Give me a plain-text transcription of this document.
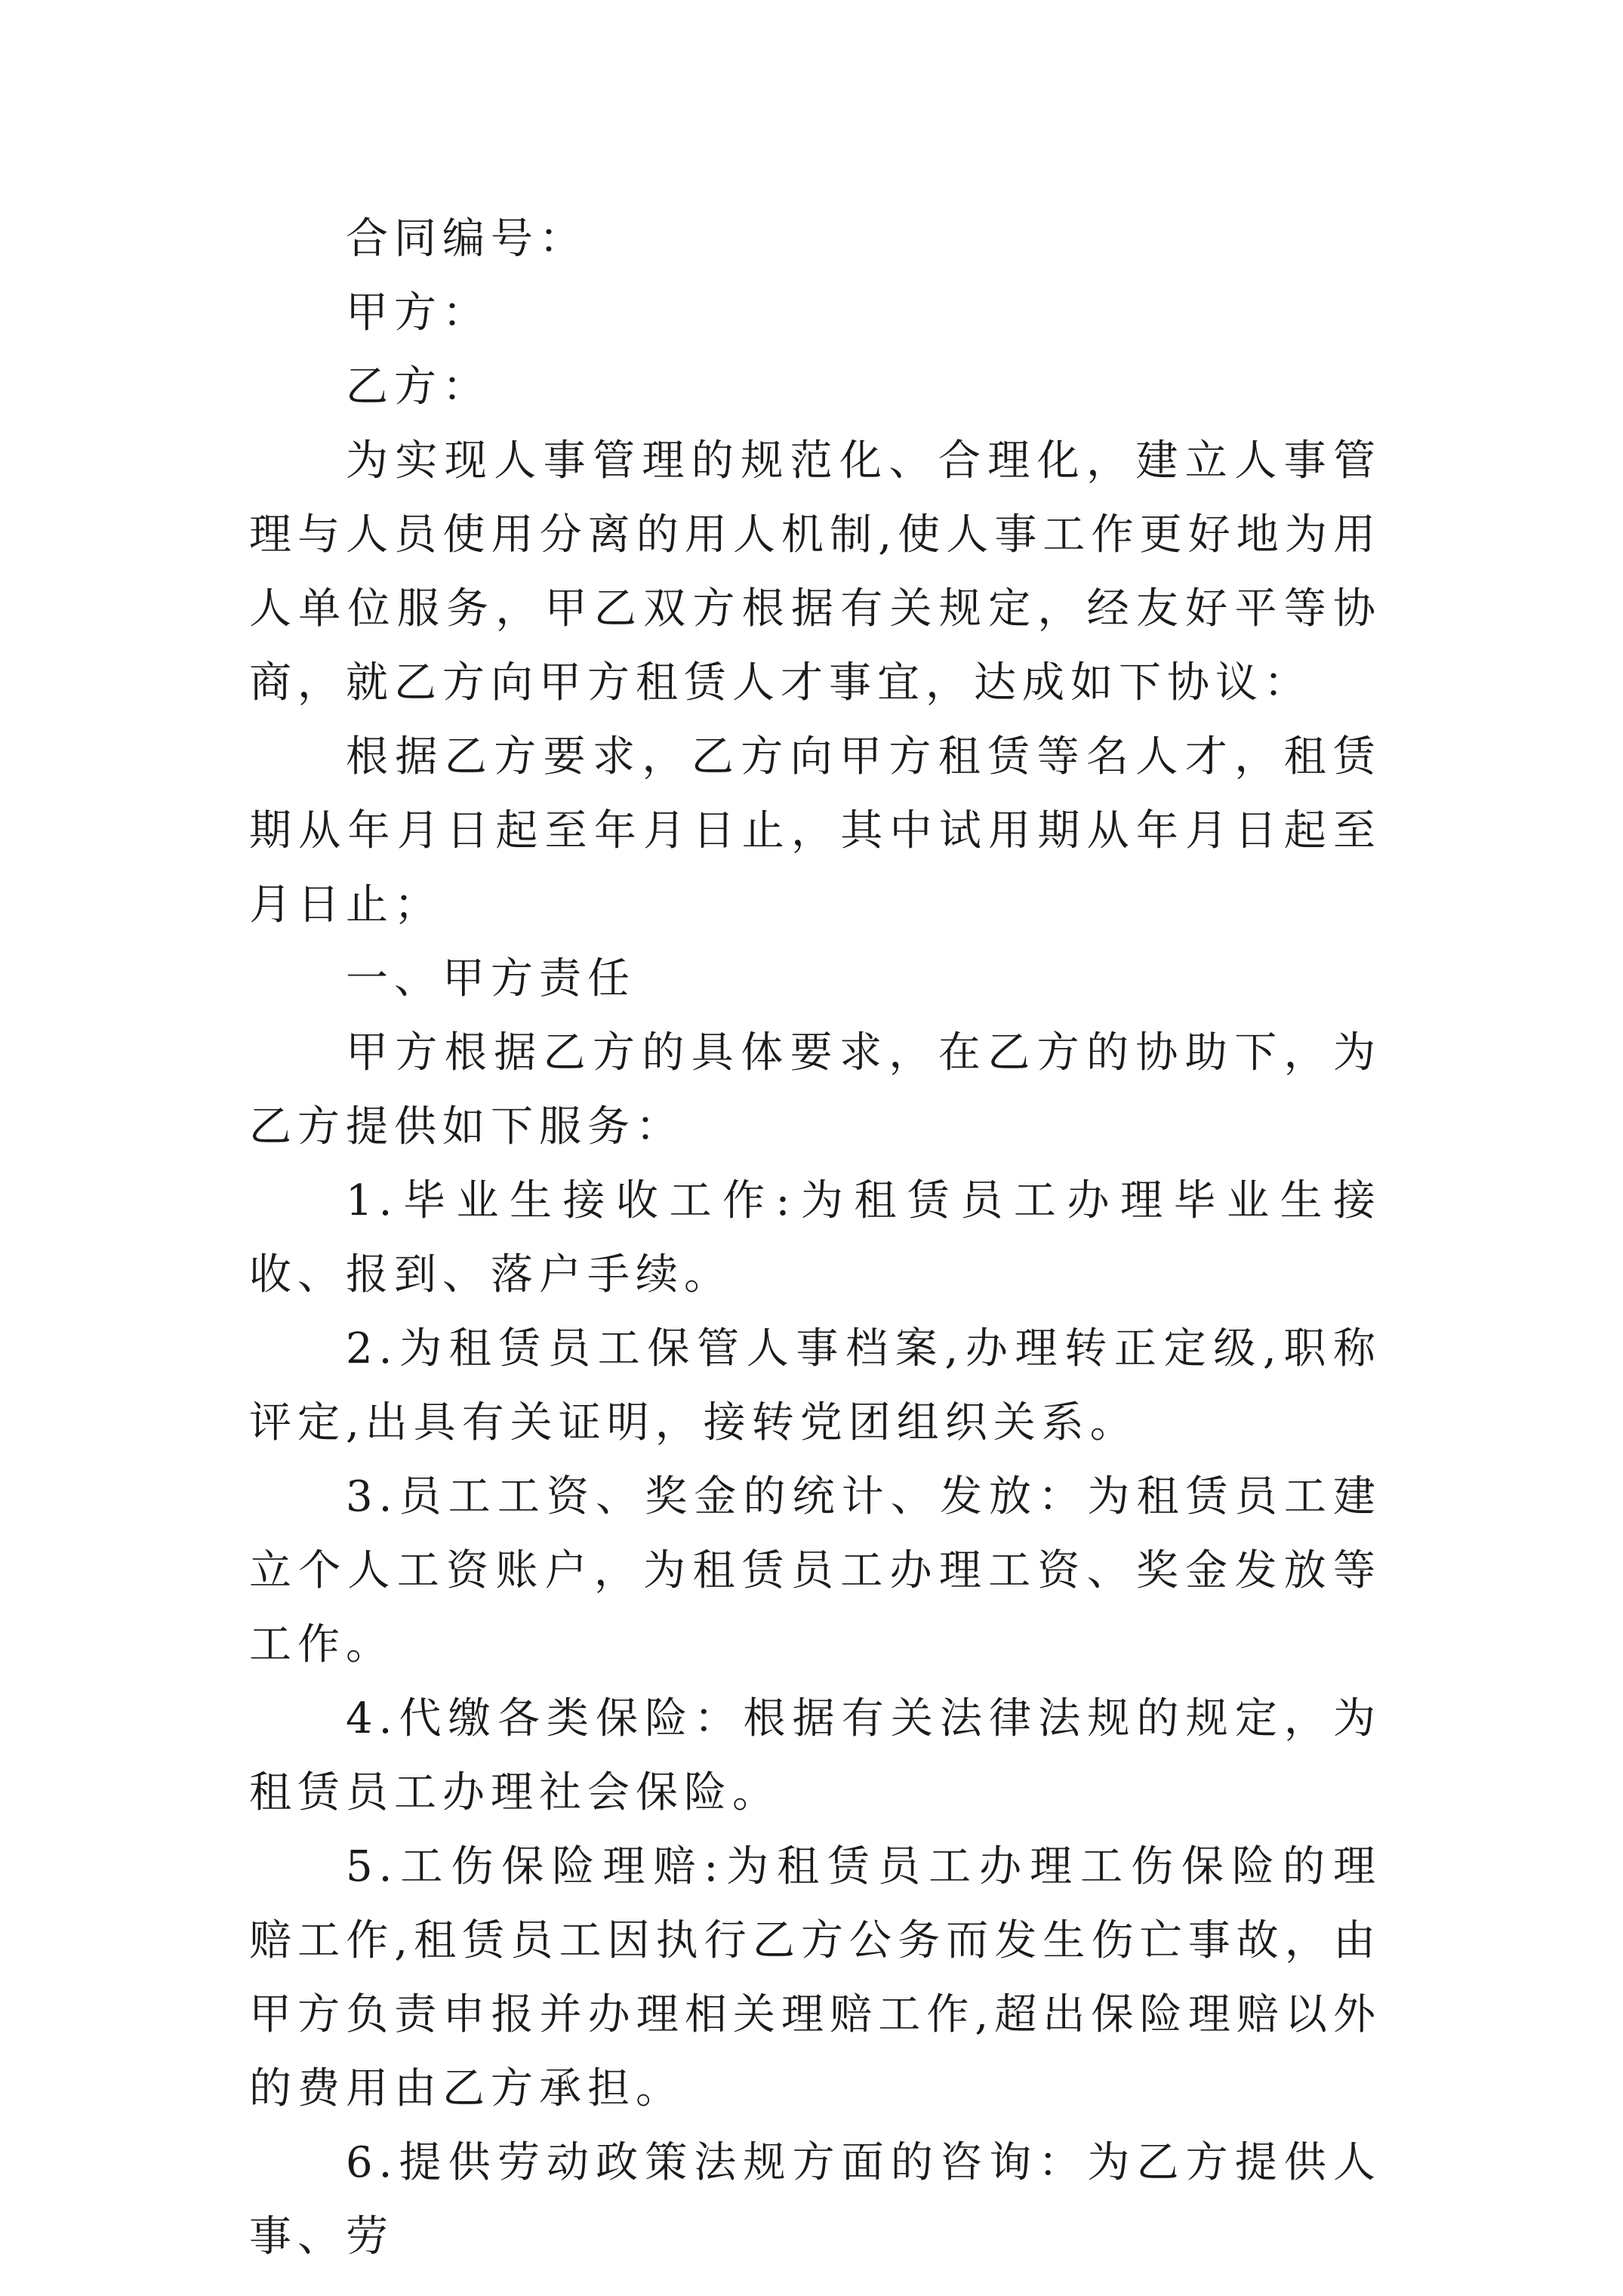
合同编号：

甲方：

乙方：

为实现人事管理的规范化、合理化，建立人事管理与人员使用分离的用人机制,使人事工作更好地为用人单位服务，甲乙双方根据有关规定，经友好平等协商，就乙方向甲方租赁人才事宜，达成如下协议：

根据乙方要求，乙方向甲方租赁等名人才，租赁期从年月日起至年月日止，其中试用期从年月日起至月日止；

一、甲方责任

甲方根据乙方的具体要求，在乙方的协助下，为乙方提供如下服务：

1.毕业生接收工作:为租赁员工办理毕业生接收、报到、落户手续。

2.为租赁员工保管人事档案,办理转正定级,职称评定,出具有关证明，接转党团组织关系。

3.员工工资、奖金的统计、发放：为租赁员工建立个人工资账户，为租赁员工办理工资、奖金发放等工作。

4.代缴各类保险：根据有关法律法规的规定，为租赁员工办理社会保险。

5.工伤保险理赔:为租赁员工办理工伤保险的理赔工作,租赁员工因执行乙方公务而发生伤亡事故，由甲方负责申报并办理相关理赔工作,超出保险理赔以外的费用由乙方承担。

6.提供劳动政策法规方面的咨询：为乙方提供人事、劳
